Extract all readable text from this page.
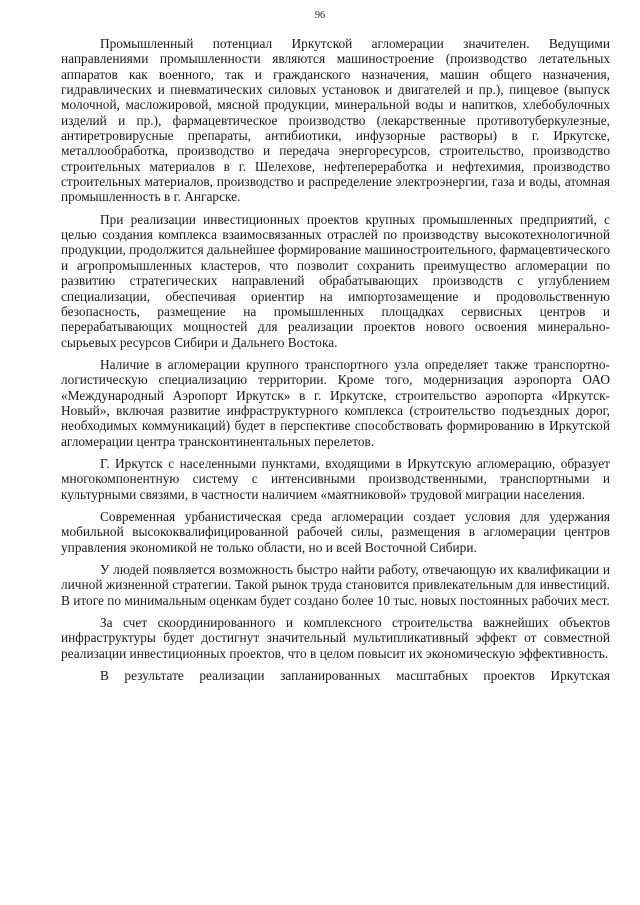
96

Промышленный потенциал Иркутской агломерации значителен. Ведущими направлениями промышленности являются машиностроение (производство летательных аппаратов как военного, так и гражданского назначения, машин общего назначения, гидравлических и пневматических силовых установок и двигателей и пр.), пищевое (выпуск молочной, масложировой, мясной продукции, минеральной воды и напитков, хлебобулочных изделий и пр.), фармацевтическое производство (лекарственные противотуберкулезные, антиретровирусные препараты, антибиотики, инфузорные растворы) в г. Иркутске, металлообработка, производство и передача энергоресурсов, строительство, производство строительных материалов в г. Шелехове, нефтепереработка и нефтехимия, производство строительных материалов, производство и распределение электроэнергии, газа и воды, атомная промышленность в г. Ангарске.

При реализации инвестиционных проектов крупных промышленных предприятий, с целью создания комплекса взаимосвязанных отраслей по производству высокотехнологичной продукции, продолжится дальнейшее формирование машиностроительного, фармацевтического и агропромышленных кластеров, что позволит сохранить преимущество агломерации по развитию стратегических направлений обрабатывающих производств с углублением специализации, обеспечивая ориентир на импортозамещение и продовольственную безопасность, размещение на промышленных площадках сервисных центров и перерабатывающих мощностей для реализации проектов нового освоения минерально-сырьевых ресурсов Сибири и Дальнего Востока.

Наличие в агломерации крупного транспортного узла определяет также транспортно-логистическую специализацию территории. Кроме того, модернизация аэропорта ОАО «Международный Аэропорт Иркутск» в г. Иркутске, строительство аэропорта «Иркутск-Новый», включая развитие инфраструктурного комплекса (строительство подъездных дорог, необходимых коммуникаций) будет в перспективе способствовать формированию в Иркутской агломерации центра трансконтинентальных перелетов.

Г. Иркутск с населенными пунктами, входящими в Иркутскую агломерацию, образует многокомпонентную систему с интенсивными производственными, транспортными и культурными связями, в частности наличием «маятниковой» трудовой миграции населения.

Современная урбанистическая среда агломерации создает условия для удержания мобильной высококвалифицированной рабочей силы, размещения в агломерации центров управления экономикой не только области, но и всей Восточной Сибири.

У людей появляется возможность быстро найти работу, отвечающую их квалификации и личной жизненной стратегии. Такой рынок труда становится привлекательным для инвестиций. В итоге по минимальным оценкам будет создано более 10 тыс. новых постоянных рабочих мест.

За счет скоординированного и комплексного строительства важнейших объектов инфраструктуры будет достигнут значительный мультипликативный эффект от совместной реализации инвестиционных проектов, что в целом повысит их экономическую эффективность.

В результате реализации запланированных масштабных проектов Иркутская
